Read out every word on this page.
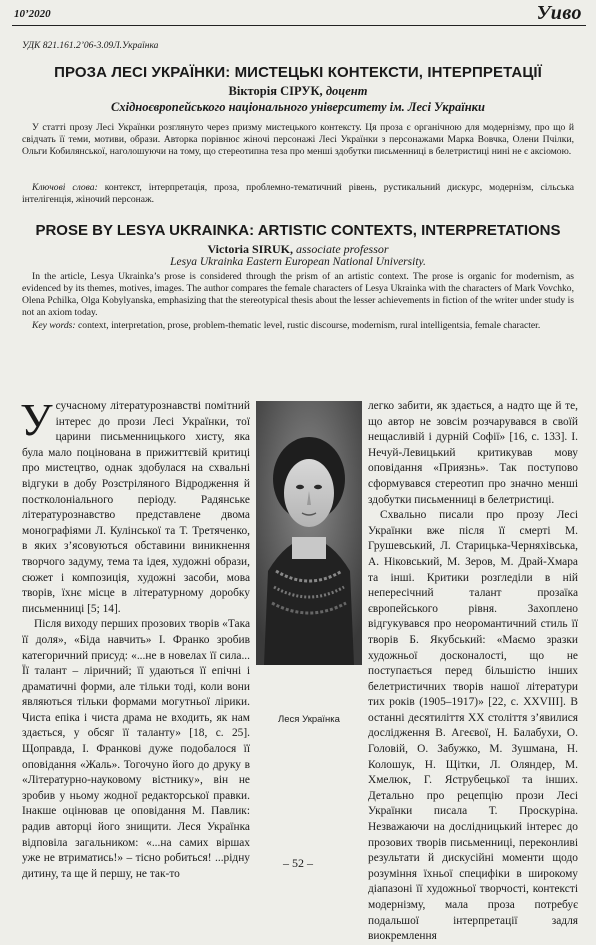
10’2020	Уиво
УДК 821.161.2’06-3.09Л.Українка
ПРОЗА ЛЕСІ УКРАЇНКИ: МИСТЕЦЬКІ КОНТЕКСТИ, ІНТЕРПРЕТАЦІЇ
Вікторія СІРУК, доцент
Східноєвропейського національного університету ім. Лесі Українки
У статті прозу Лесі Українки розглянуто через призму мистецького контексту. Ця проза є органічною для модернізму, про що й свідчать її теми, мотиви, образи. Авторка порівнює жіночі персонажі Лесі Українки з персонажами Марка Вовчка, Олени Пчілки, Ольги Кобилянської, наголошуючи на тому, що стереотипна теза про менші здобутки письменниці в белетристиці нині не є аксіомою.
Ключові слова: контекст, інтерпретація, проза, проблемно-тематичний рівень, рустикальний дискурс, модернізм, сільська інтелігенція, жіночий персонаж.
PROSE BY LESYA UKRAINKA: ARTISTIC CONTEXTS, INTERPRETATIONS
Victoria SIRUK, associate professor
Lesya Ukrainka Eastern European National University.
In the article, Lesya Ukrainka’s prose is considered through the prism of an artistic context. The prose is organic for modernism, as evidenced by its themes, motives, images. The author compares the female characters of Lesya Ukrainka with the characters of Mark Vovchko, Olena Pchilka, Olga Kobylyanska, emphasizing that the stereotypical thesis about the lesser achievements in fiction of the writer under study is not an axiom today.
Key words: context, interpretation, prose, problem-thematic level, rustic discourse, modernism, rural intelligentsia, female character.

Усучасному літературознавстві помітний інтерес до прози Лесі Українки, тої царини письменницького хисту, яка була мало поцінована в прижиттєвій критиці про мистецтво, однак здобулася на схвальні відгуки в добу Розстріляного Відродження й постколоніального періоду. Радянське літературознавство представлене двома монографіями Л. Кулінської та Т. Третяченко, в яких з’ясовуються обставини виникнення творчого задуму, тема та ідея, художні образи, сюжет і композиція, художні засоби, мова творів, їхнє місце в літературному доробку письменниці [5; 14].

Після виходу перших прозових творів «Така її доля», «Біда навчить» І. Франко зробив категоричний присуд: «...не в новелах її сила... Її талант – ліричний; її удаються її епічні і драматичні форми, але тільки тоді, коли вони являються тільки формами могутньої лірики. Чиста епіка і чиста драма не входить, як нам здається, у обсяг її таланту» [18, с. 25]. Щоправда, І. Франкові дуже подобалося її оповідання «Жаль». Тогочуно його до друку в «Літературно-науковому вістнику», він не зробив у ньому жодної редакторської правки. Інакше оцінював це оповідання М. Павлик: радив авторці його знищити. Леся Українка відповіла загальником: «...на самих віршах уже не втриматись!» – тісно робиться! ...рідну дитину, та ще й першу, не так-то

Леся Українка

легко забити, як здається, а надто ще й те, що автор не зовсім розчарувався в своїй нещасливій і дурній Софії» [16, с. 133]. І. Нечуй-Левицький критикував мову оповідання «Приязнь». Так поступово сформувався стереотип про значно менші здобутки письменниці в белетристиці.

Схвально писали про прозу Лесі Українки вже після її смерті М. Грушевський, Л. Старицька-Черняхівська, А. Ніковський, М. Зеров, М. Драй-Хмара та інші. Критики розгледіли в ній непересічний талант прозаїка європейського рівня. Захоплено відгукувався про неоромантичний стиль її творів Б. Якубський: «Маємо зразки художньої досконалості, що не поступається перед більшістю інших белетристичних творів нашої літератури тих років (1905–1917)» [22, с. XXVIII]. В останні десятиліття XX століття з’явилися дослідження В. Агеєвої, Н. Балабухи, О. Головій, О. Забужко, М. Зушмана, Н. Колошук, Н. Щітки, Л. Оляндер, М. Хмелюк, Г. Яструбецької та інших. Детально про рецепцію прози Лесі Українки писала Т. Проскуріна. Незважаючи на дослідницький інтерес до прозових творів письменниці, переконливі результати й дискусійні моменти щодо розуміння їхньої специфіки в широкому діапазоні її художньої творчості, контексті модернізму, мала проза потребує подальшої інтерпретації задля виокремлення

– 52 –
